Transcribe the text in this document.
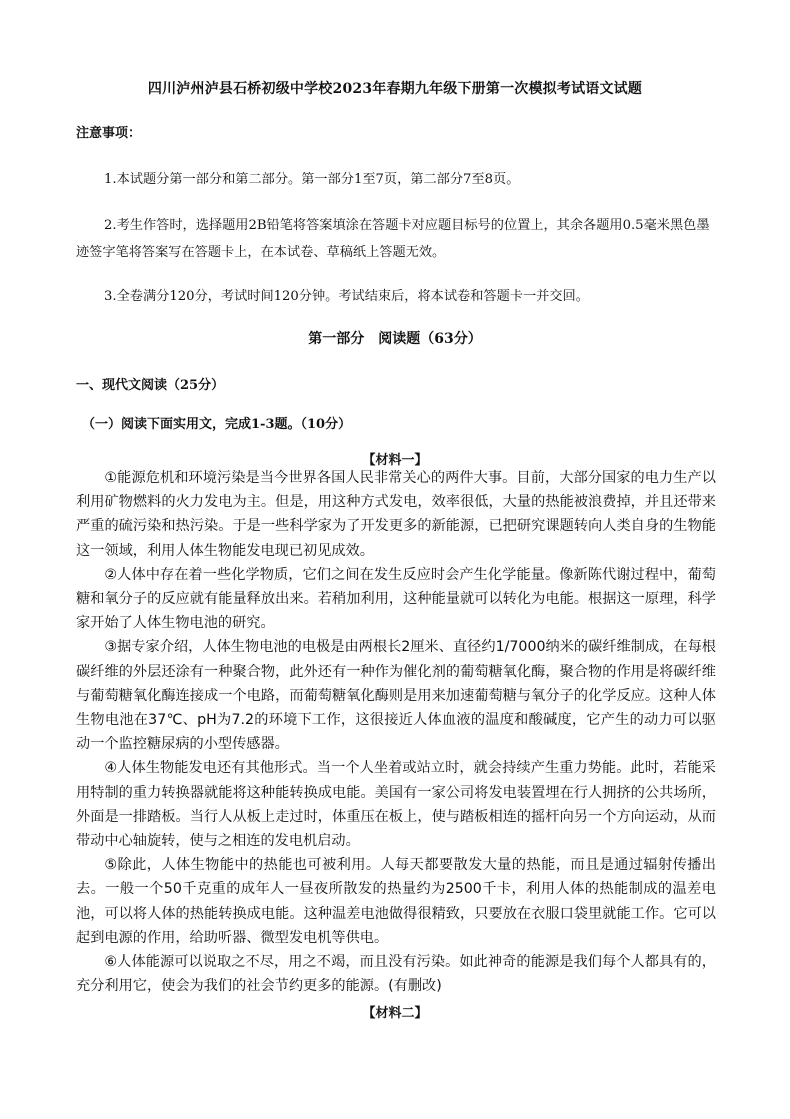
四川泸州泸县石桥初级中学校2023年春期九年级下册第一次模拟考试语文试题
注意事项：
1.本试题分第一部分和第二部分。第一部分1至7页，第二部分7至8页。
2.考生作答时，选择题用2B铅笔将答案填涂在答题卡对应题目标号的位置上，其余各题用0.5毫米黑色墨迹签字笔将答案写在答题卡上，在本试卷、草稿纸上答题无效。
3.全卷满分120分，考试时间120分钟。考试结束后，将本试卷和答题卡一并交回。
第一部分 阅读题（63分）
一、现代文阅读（25分）
（一）阅读下面实用文，完成1-3题。（10分）
【材料一】

①能源危机和环境污染是当今世界各国人民非常关心的两件大事。目前，大部分国家的电力生产以利用矿物燃料的火力发电为主。但是，用这种方式发电，效率很低，大量的热能被浪费掉，并且还带来严重的硫污染和热污染。于是一些科学家为了开发更多的新能源，已把研究课题转向人类自身的生物能这一领域，利用人体生物能发电现已初见成效。

②人体中存在着一些化学物质，它们之间在发生反应时会产生化学能量。像新陈代谢过程中，葡萄糖和氧分子的反应就有能量释放出来。若稍加利用，这种能量就可以转化为电能。根据这一原理，科学家开始了人体生物电池的研究。

③据专家介绍，人体生物电池的电极是由两根长2厘米、直径约1/7000纳米的碳纤维制成，在每根碳纤维的外层还涂有一种聚合物，此外还有一种作为催化剂的葡萄糖氧化酶，聚合物的作用是将碳纤维与葡萄糖氧化酶连接成一个电路，而葡萄糖氧化酶则是用来加速葡萄糖与氧分子的化学反应。这种人体生物电池在37℃、pH为7.2的环境下工作，这很接近人体血液的温度和酸碱度，它产生的动力可以驱动一个监控糖尿病的小型传感器。

④人体生物能发电还有其他形式。当一个人坐着或站立时，就会持续产生重力势能。此时，若能采用特制的重力转换器就能将这种能转换成电能。美国有一家公司将发电装置埋在行人拥挤的公共场所，外面是一排踏板。当行人从板上走过时，体重压在板上，使与踏板相连的摇杆向另一个方向运动，从而带动中心轴旋转，使与之相连的发电机启动。

⑤除此，人体生物能中的热能也可被利用。人每天都要散发大量的热能，而且是通过辐射传播出去。一般一个50千克重的成年人一昼夜所散发的热量约为2500千卡，利用人体的热能制成的温差电池，可以将人体的热能转换成电能。这种温差电池做得很精致，只要放在衣服口袋里就能工作。它可以起到电源的作用，给助听器、微型发电机等供电。

⑥人体能源可以说取之不尽，用之不竭，而且没有污染。如此神奇的能源是我们每个人都具有的，充分利用它，使会为我们的社会节约更多的能源。(有删改)

【材料二】
